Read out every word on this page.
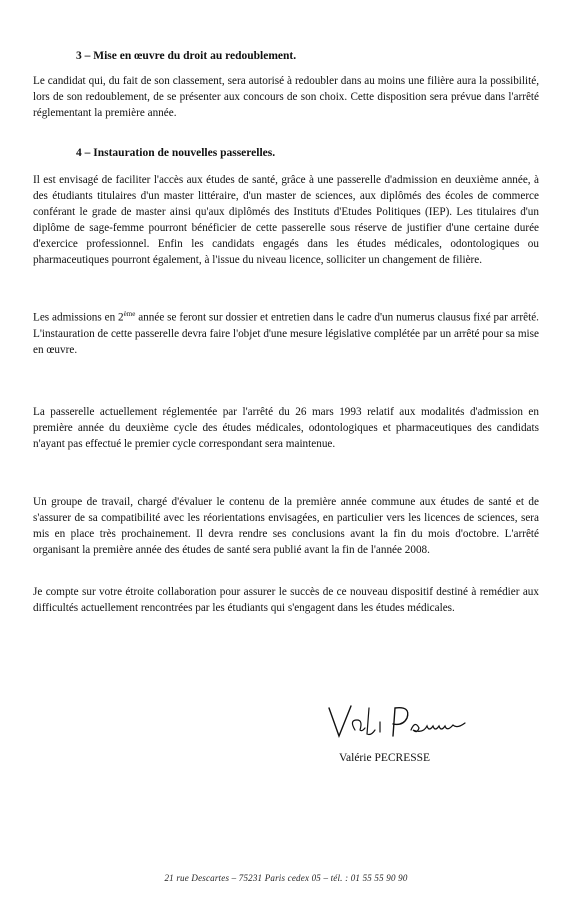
3 – Mise en œuvre du droit au redoublement.

Le candidat qui, du fait de son classement, sera autorisé à redoubler dans au moins une filière aura la possibilité, lors de son redoublement, de se présenter aux concours de son choix. Cette disposition sera prévue dans l'arrêté réglementant la première année.

4 – Instauration de nouvelles passerelles.

Il est envisagé de faciliter l'accès aux études de santé, grâce à une passerelle d'admission en deuxième année, à des étudiants titulaires d'un master littéraire, d'un master de sciences, aux diplômés des écoles de commerce conférant le grade de master ainsi qu'aux diplômés des Instituts d'Etudes Politiques (IEP). Les titulaires d'un diplôme de sage-femme pourront bénéficier de cette passerelle sous réserve de justifier d'une certaine durée d'exercice professionnel. Enfin les candidats engagés dans les études médicales, odontologiques ou pharmaceutiques pourront également, à l'issue du niveau licence, solliciter un changement de filière.

Les admissions en 2ème année se feront sur dossier et entretien dans le cadre d'un numerus clausus fixé par arrêté. L'instauration de cette passerelle devra faire l'objet d'une mesure législative complétée par un arrêté pour sa mise en œuvre.

La passerelle actuellement réglementée par l'arrêté du 26 mars 1993 relatif aux modalités d'admission en première année du deuxième cycle des études médicales, odontologiques et pharmaceutiques des candidats n'ayant pas effectué le premier cycle correspondant sera maintenue.

Un groupe de travail, chargé d'évaluer le contenu de la première année commune aux études de santé et de s'assurer de sa compatibilité avec les réorientations envisagées, en particulier vers les licences de sciences, sera mis en place très prochainement. Il devra rendre ses conclusions avant la fin du mois d'octobre. L'arrêté organisant la première année des études de santé sera publié avant la fin de l'année 2008.

Je compte sur votre étroite collaboration pour assurer le succès de ce nouveau dispositif destiné à remédier aux difficultés actuellement rencontrées par les étudiants qui s'engagent dans les études médicales.

Valérie PECRESSE
21 rue Descartes – 75231 Paris cedex 05 – tél. : 01 55 55 90 90
